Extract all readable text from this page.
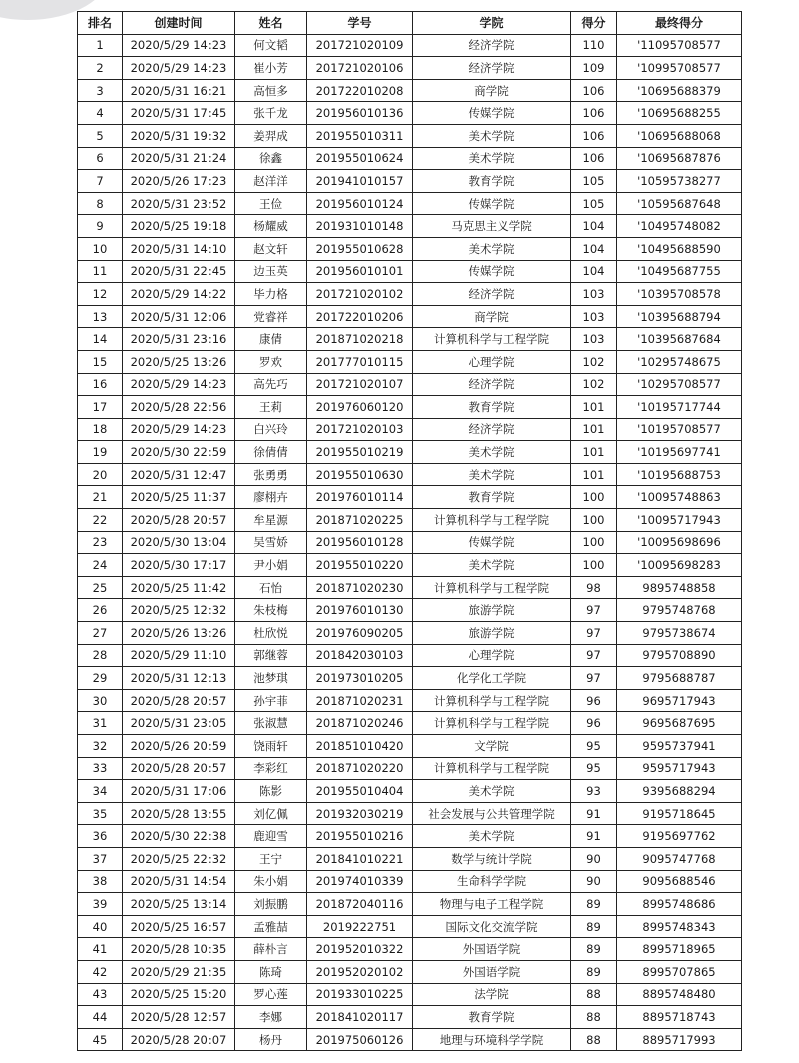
排名	创建时间	姓名	学号	学院	得分	最终得分
1	2020/5/29 14:23	何文韬	201721020109	经济学院	110	'11095708577
2	2020/5/29 14:23	崔小芳	201721020106	经济学院	109	'10995708577
3	2020/5/31 16:21	高恒多	201722010208	商学院	106	'10695688379
4	2020/5/31 17:45	张千龙	201956010136	传媒学院	106	'10695688255
5	2020/5/31 19:32	姜羿成	201955010311	美术学院	106	'10695688068
6	2020/5/31 21:24	徐鑫	201955010624	美术学院	106	'10695687876
7	2020/5/26 17:23	赵洋洋	201941010157	教育学院	105	'10595738277
8	2020/5/31 23:52	王俭	201956010124	传媒学院	105	'10595687648
9	2020/5/25 19:18	杨耀威	201931010148	马克思主义学院	104	'10495748082
10	2020/5/31 14:10	赵文轩	201955010628	美术学院	104	'10495688590
11	2020/5/31 22:45	边玉英	201956010101	传媒学院	104	'10495687755
12	2020/5/29 14:22	毕力格	201721020102	经济学院	103	'10395708578
13	2020/5/31 12:06	党睿祥	201722010206	商学院	103	'10395688794
14	2020/5/31 23:16	康倩	201871020218	计算机科学与工程学院	103	'10395687684
15	2020/5/25 13:26	罗欢	201777010115	心理学院	102	'10295748675
16	2020/5/29 14:23	高先巧	201721020107	经济学院	102	'10295708577
17	2020/5/28 22:56	王莉	201976060120	教育学院	101	'10195717744
18	2020/5/29 14:23	白兴玲	201721020103	经济学院	101	'10195708577
19	2020/5/30 22:59	徐倩倩	201955010219	美术学院	101	'10195697741
20	2020/5/31 12:47	张勇勇	201955010630	美术学院	101	'10195688753
21	2020/5/25 11:37	廖栩卉	201976010114	教育学院	100	'10095748863
22	2020/5/28 20:57	牟星源	201871020225	计算机科学与工程学院	100	'10095717943
23	2020/5/30 13:04	吴雪娇	201956010128	传媒学院	100	'10095698696
24	2020/5/30 17:17	尹小娟	201955010220	美术学院	100	'10095698283
25	2020/5/25 11:42	石怡	201871020230	计算机科学与工程学院	98	9895748858
26	2020/5/25 12:32	朱枝梅	201976010130	旅游学院	97	9795748768
27	2020/5/26 13:26	杜欣悦	201976090205	旅游学院	97	9795738674
28	2020/5/29 11:10	郭继蓉	201842030103	心理学院	97	9795708890
29	2020/5/31 12:13	池梦琪	201973010205	化学化工学院	97	9795688787
30	2020/5/28 20:57	孙宇菲	201871020231	计算机科学与工程学院	96	9695717943
31	2020/5/31 23:05	张淑慧	201871020246	计算机科学与工程学院	96	9695687695
32	2020/5/26 20:59	饶雨轩	201851010420	文学院	95	9595737941
33	2020/5/28 20:57	李彩红	201871020220	计算机科学与工程学院	95	9595717943
34	2020/5/31 17:06	陈影	201955010404	美术学院	93	9395688294
35	2020/5/28 13:55	刘亿佩	201932030219	社会发展与公共管理学院	91	9195718645
36	2020/5/30 22:38	鹿迎雪	201955010216	美术学院	91	9195697762
37	2020/5/25 22:32	王宁	201841010221	数学与统计学院	90	9095747768
38	2020/5/31 14:54	朱小娟	201974010339	生命科学学院	90	9095688546
39	2020/5/25 13:14	刘振鹏	201872040116	物理与电子工程学院	89	8995748686
40	2020/5/25 16:57	孟雅喆	2019222751	国际文化交流学院	89	8995748343
41	2020/5/28 10:35	薛朴言	201952010322	外国语学院	89	8995718965
42	2020/5/29 21:35	陈琦	201952020102	外国语学院	89	8995707865
43	2020/5/25 15:20	罗心莲	201933010225	法学院	88	8895748480
44	2020/5/28 12:57	李娜	201841020117	教育学院	88	8895718743
45	2020/5/28 20:07	杨丹	201975060126	地理与环境科学学院	88	8895717993
